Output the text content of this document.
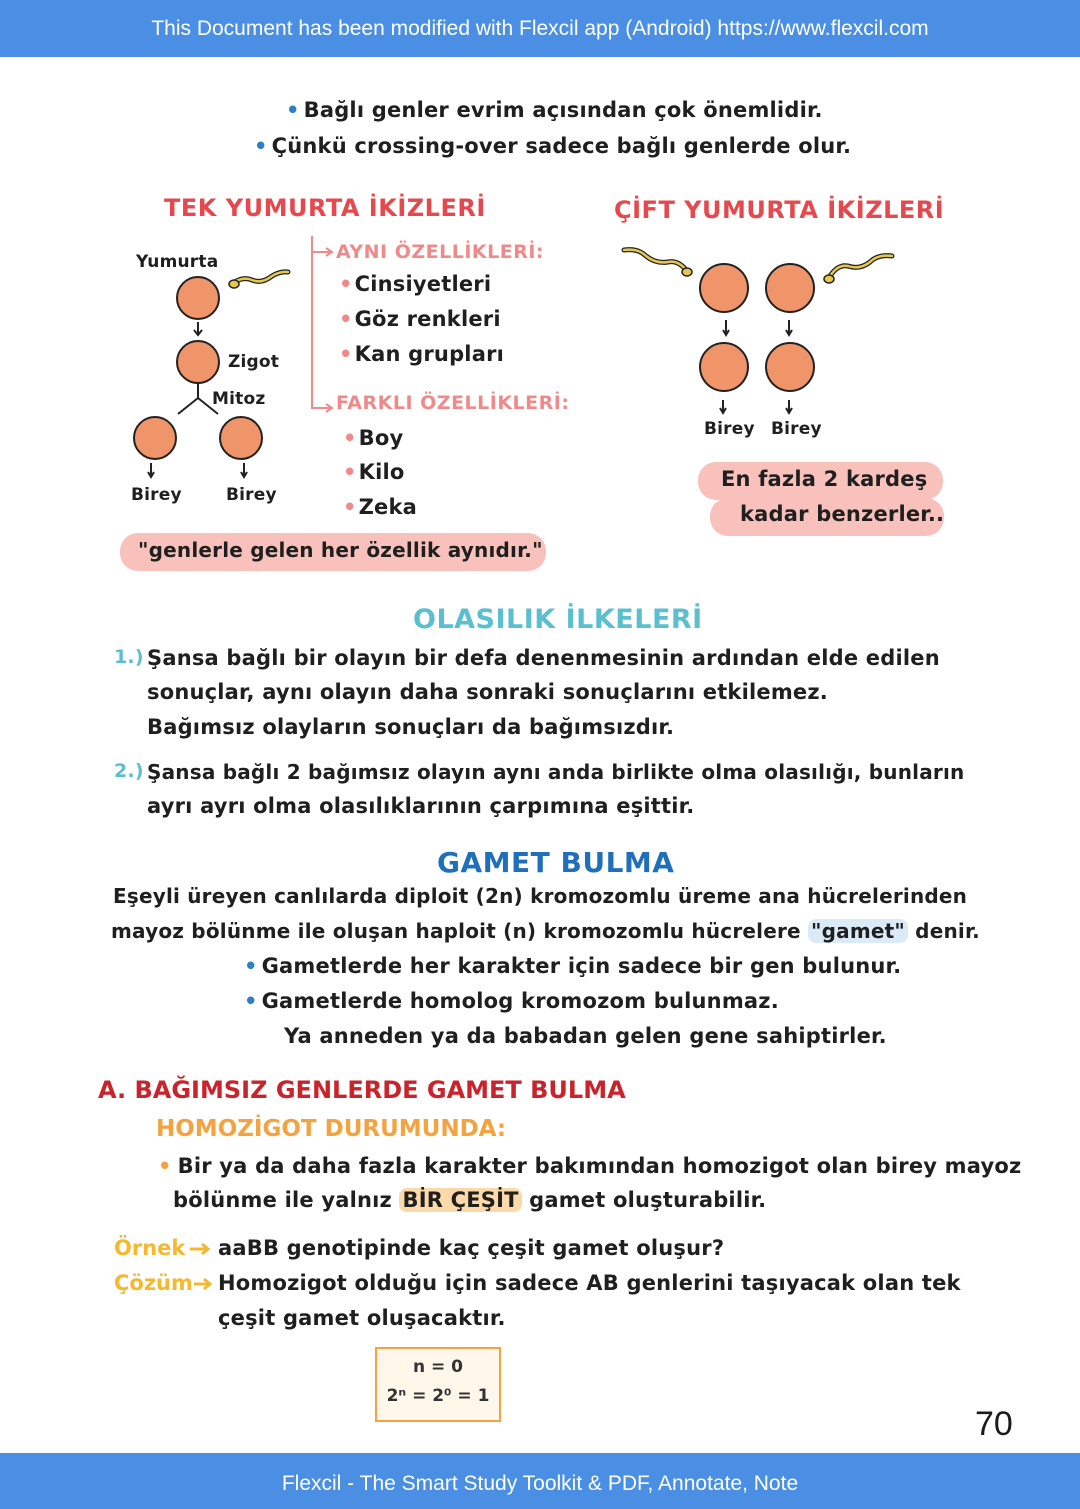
This Document has been modified with Flexcil app (Android) https://www.flexcil.com
• Bağlı genler evrim açısından çok önemlidir.
• Çünkü crossing-over sadece bağlı genlerde olur.
TEK YUMURTA İKİZLERİ
Yumurta
Zigot
Mitoz
Birey	Birey
AYNI ÖZELLİKLERİ:
• Cinsiyetleri
• Göz renkleri
• Kan grupları
FARKLI ÖZELLİKLERİ:
• Boy
• Kilo
• Zeka
"genlerle gelen her özellik aynıdır."
ÇİFT YUMURTA İKİZLERİ
Birey Birey
En fazla 2 kardeş
kadar benzerler..
OLASILIK İLKELERİ
1.) Şansa bağlı bir olayın bir defa denenmesinin ardından elde edilen
sonuçlar, aynı olayın daha sonraki sonuçlarını etkilemez.
Bağımsız olayların sonuçları da bağımsızdır.
2.) Şansa bağlı 2 bağımsız olayın aynı anda birlikte olma olasılığı, bunların
ayrı ayrı olma olasılıklarının çarpımına eşittir.
GAMET BULMA
Eşeyli üreyen canlılarda diploit (2n) kromozomlu üreme ana hücrelerinden
mayoz bölünme ile oluşan haploit (n) kromozomlu hücrelere "gamet" denir.
• Gametlerde her karakter için sadece bir gen bulunur.
• Gametlerde homolog kromozom bulunmaz.
Ya anneden ya da babadan gelen gene sahiptirler.
A. BAĞIMSIZ GENLERDE GAMET BULMA
HOMOZİGOT DURUMUNDA:
• Bir ya da daha fazla karakter bakımından homozigot olan birey mayoz
bölünme ile yalnız BİR ÇEŞİT gamet oluşturabilir.
Örnek aaBB genotipinde kaç çeşit gamet oluşur?
Çözüm Homozigot olduğu için sadece AB genlerini taşıyacak olan tek
çeşit gamet oluşacaktır.
n = 0
2ⁿ = 2⁰ = 1
70
Flexcil - The Smart Study Toolkit & PDF, Annotate, Note
